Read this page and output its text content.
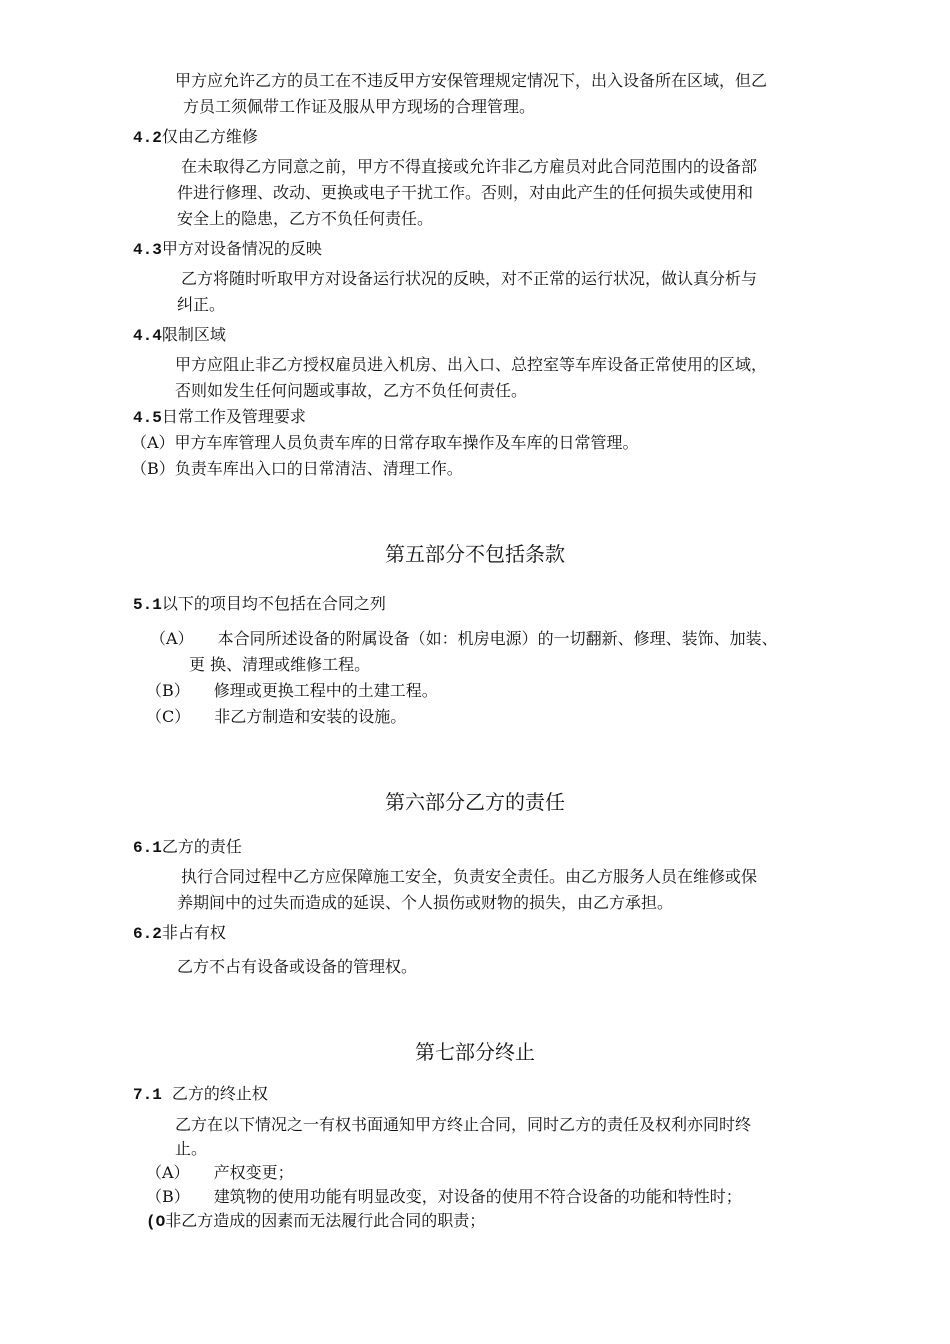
甲方应允许乙方的员工在不违反甲方安保管理规定情况下，出入设备所在区域，但乙
方员工须佩带工作证及服从甲方现场的合理管理。
4.2仅由乙方维修
在未取得乙方同意之前，甲方不得直接或允许非乙方雇员对此合同范围内的设备部
件进行修理、改动、更换或电子干扰工作。否则，对由此产生的任何损失或使用和
安全上的隐患，乙方不负任何责任。
4.3甲方对设备情况的反映
乙方将随时听取甲方对设备运行状况的反映，对不正常的运行状况，做认真分析与
纠正。
4.4限制区域
甲方应阻止非乙方授权雇员进入机房、出入口、总控室等车库设备正常使用的区域，
否则如发生任何问题或事故，乙方不负任何责任。
4.5日常工作及管理要求
（A）甲方车库管理人员负责车库的日常存取车操作及车库的日常管理。
（B）负责车库出入口的日常清洁、清理工作。
第五部分不包括条款
5.1以下的项目均不包括在合同之列
（A） 本合同所述设备的附属设备（如：机房电源）的一切翻新、修理、装饰、加装、
更 换、清理或维修工程。
（B） 修理或更换工程中的土建工程。
（C） 非乙方制造和安装的设施。
第六部分乙方的责任
6.1乙方的责任
执行合同过程中乙方应保障施工安全，负责安全责任。由乙方服务人员在维修或保
养期间中的过失而造成的延误、个人损伤或财物的损失，由乙方承担。
6.2非占有权
乙方不占有设备或设备的管理权。
第七部分终止
7.1 乙方的终止权
乙方在以下情况之一有权书面通知甲方终止合同，同时乙方的责任及权利亦同时终
止。
（A） 产权变更；
（B） 建筑物的使用功能有明显改变，对设备的使用不符合设备的功能和特性时；
(O非乙方造成的因素而无法履行此合同的职责；
